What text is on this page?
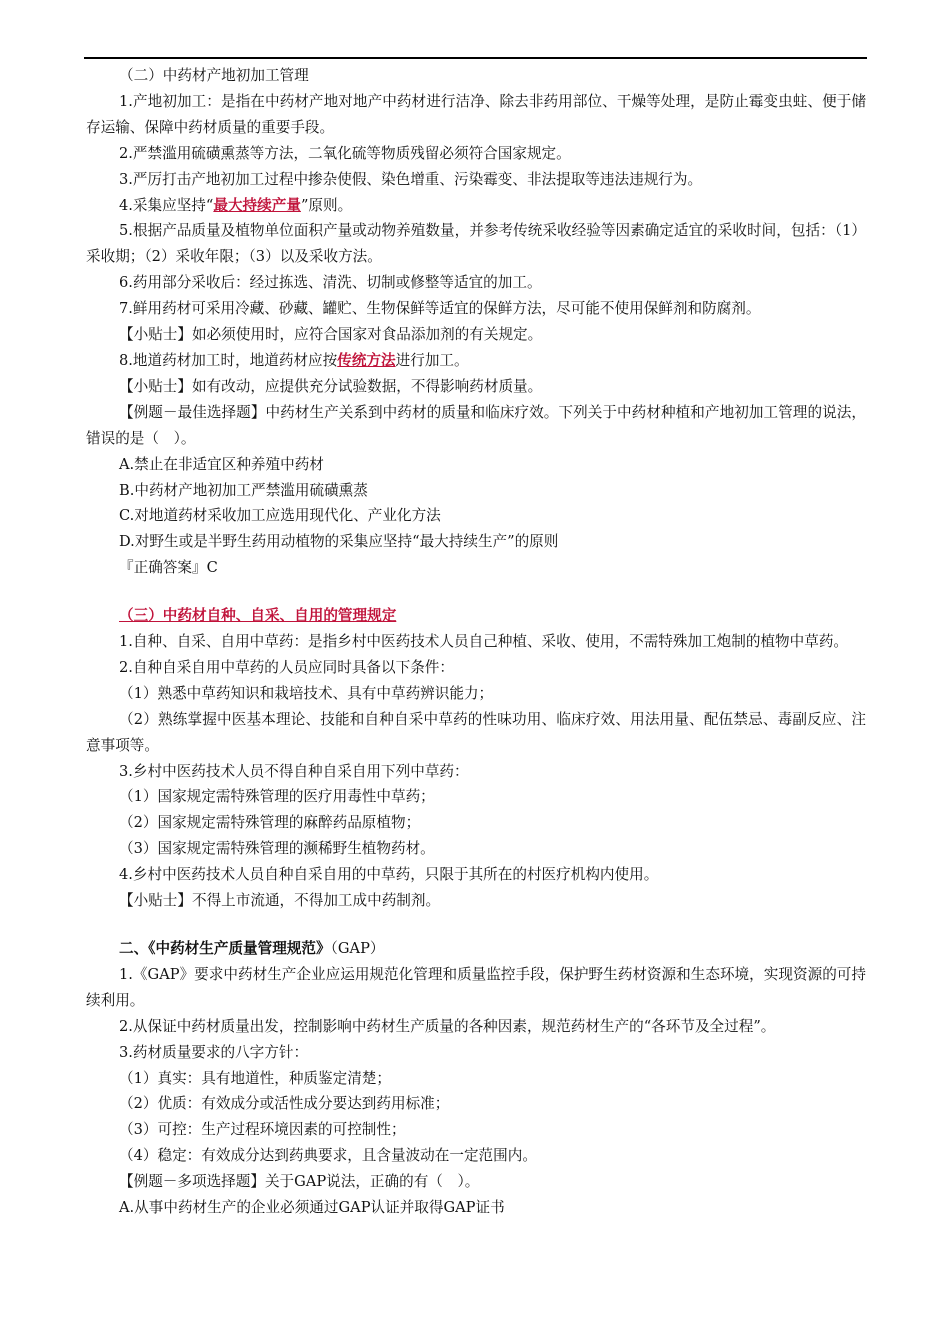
（二）中药材产地初加工管理

1.产地初加工：是指在中药材产地对地产中药材进行洁净、除去非药用部位、干燥等处理，是防止霉变虫蛀、便于储存运输、保障中药材质量的重要手段。

2.严禁滥用硫磺熏蒸等方法，二氧化硫等物质残留必须符合国家规定。

3.严厉打击产地初加工过程中掺杂使假、染色增重、污染霉变、非法提取等违法违规行为。

4.采集应坚持“最大持续产量”原则。

5.根据产品质量及植物单位面积产量或动物养殖数量，并参考传统采收经验等因素确定适宜的采收时间，包括：（1）采收期；（2）采收年限；（3）以及采收方法。

6.药用部分采收后：经过拣选、清洗、切制或修整等适宜的加工。

7.鲜用药材可采用冷藏、砂藏、罐贮、生物保鲜等适宜的保鲜方法，尽可能不使用保鲜剂和防腐剂。

【小贴士】如必须使用时，应符合国家对食品添加剂的有关规定。

8.地道药材加工时，地道药材应按传统方法进行加工。

【小贴士】如有改动，应提供充分试验数据，不得影响药材质量。

【例题－最佳选择题】中药材生产关系到中药材的质量和临床疗效。下列关于中药材种植和产地初加工管理的说法，错误的是（　）。

A.禁止在非适宜区种养殖中药材

B.中药材产地初加工严禁滥用硫磺熏蒸

C.对地道药材采收加工应选用现代化、产业化方法

D.对野生或是半野生药用动植物的采集应坚持“最大持续生产”的原则

『正确答案』C

（三）中药材自种、自采、自用的管理规定

1.自种、自采、自用中草药：是指乡村中医药技术人员自己种植、采收、使用，不需特殊加工炮制的植物中草药。

2.自种自采自用中草药的人员应同时具备以下条件：

（1）熟悉中草药知识和栽培技术、具有中草药辨识能力；

（2）熟练掌握中医基本理论、技能和自种自采中草药的性味功用、临床疗效、用法用量、配伍禁忌、毒副反应、注意事项等。

3.乡村中医药技术人员不得自种自采自用下列中草药：

（1）国家规定需特殊管理的医疗用毒性中草药；

（2）国家规定需特殊管理的麻醉药品原植物；

（3）国家规定需特殊管理的濒稀野生植物药材。

4.乡村中医药技术人员自种自采自用的中草药，只限于其所在的村医疗机构内使用。

【小贴士】不得上市流通，不得加工成中药制剂。

二、《中药材生产质量管理规范》（GAP）

1.《GAP》要求中药材生产企业应运用规范化管理和质量监控手段，保护野生药材资源和生态环境，实现资源的可持续利用。

2.从保证中药材质量出发，控制影响中药材生产质量的各种因素，规范药材生产的“各环节及全过程”。

3.药材质量要求的八字方针：

（1）真实：具有地道性，种质鉴定清楚；

（2）优质：有效成分或活性成分要达到药用标准；

（3）可控：生产过程环境因素的可控制性；

（4）稳定：有效成分达到药典要求，且含量波动在一定范围内。

【例题－多项选择题】关于GAP说法，正确的有（　）。

A.从事中药材生产的企业必须通过GAP认证并取得GAP证书
